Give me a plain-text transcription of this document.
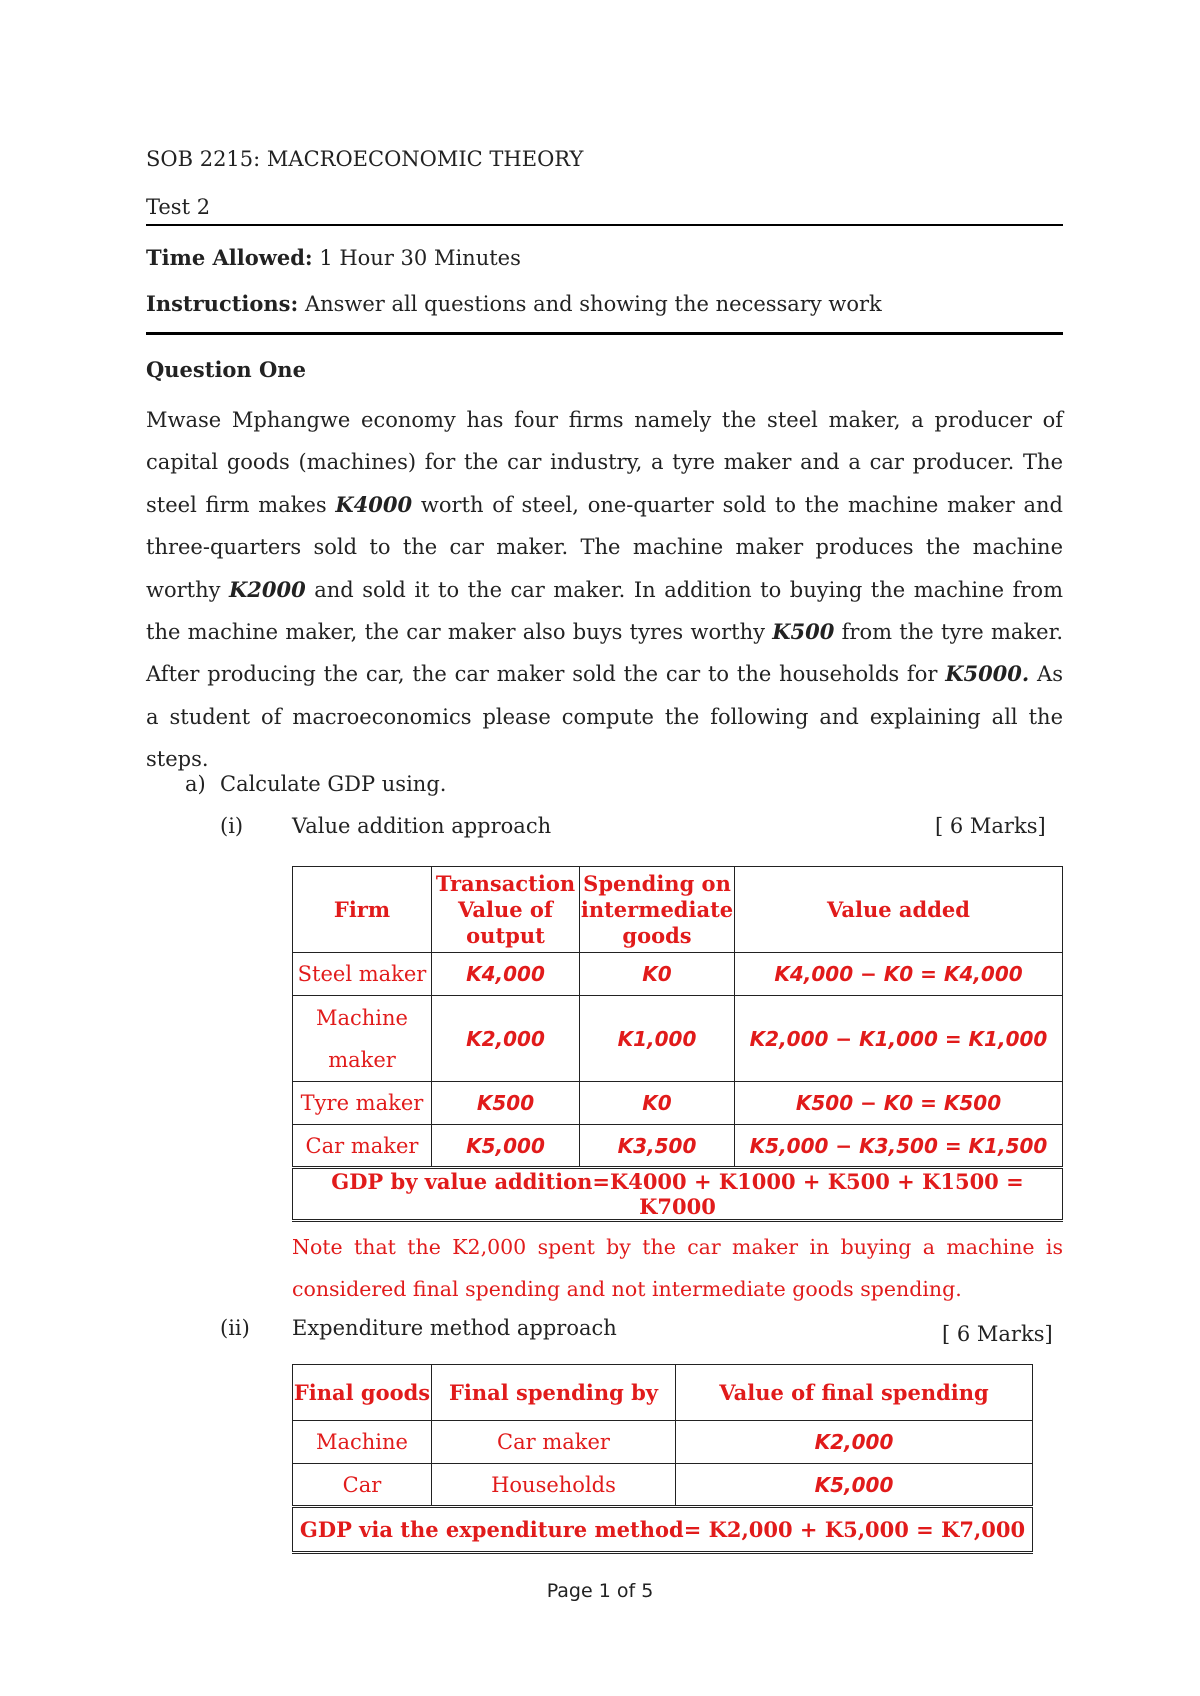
SOB 2215: MACROECONOMIC THEORY
Test 2
Time Allowed: 1 Hour 30 Minutes
Instructions: Answer all questions and showing the necessary work
Question One
Mwase Mphangwe economy has four firms namely the steel maker, a producer of capital goods (machines) for the car industry, a tyre maker and a car producer. The steel firm makes K4000 worth of steel, one-quarter sold to the machine maker and three-quarters sold to the car maker. The machine maker produces the machine worthy K2000 and sold it to the car maker. In addition to buying the machine from the machine maker, the car maker also buys tyres worthy K500 from the tyre maker. After producing the car, the car maker sold the car to the households for K5000. As a student of macroeconomics please compute the following and explaining all the steps.
a) Calculate GDP using.
(i) Value addition approach	[ 6 Marks]
Firm	Transaction Value of output	Spending on intermediate goods	Value added
Steel maker	K4,000	K0	K4,000 − K0 = K4,000
Machine maker	K2,000	K1,000	K2,000 − K1,000 = K1,000
Tyre maker	K500	K0	K500 − K0 = K500
Car maker	K5,000	K3,500	K5,000 − K3,500 = K1,500
GDP by value addition=K4000 + K1000 + K500 + K1500 = K7000			
Note that the K2,000 spent by the car maker in buying a machine is considered final spending and not intermediate goods spending.
(ii) Expenditure method approach	[ 6 Marks]
Final goods	Final spending by	Value of final spending
Machine	Car maker	K2,000
Car	Households	K5,000
GDP via the expenditure method= K2,000 + K5,000 = K7,000		
Page 1 of 5
